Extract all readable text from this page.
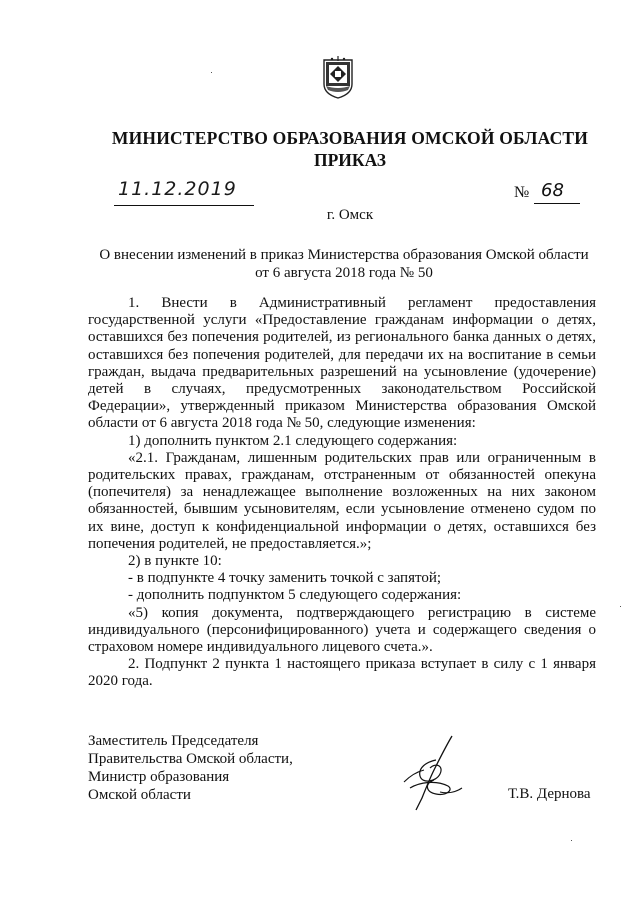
МИНИСТЕРСТВО ОБРАЗОВАНИЯ ОМСКОЙ ОБЛАСТИ
ПРИКАЗ
11.12.2019	№ 68
г. Омск
О внесении изменений в приказ Министерства образования Омской области
от 6 августа 2018 года № 50

1. Внести в Административный регламент предоставления государственной услуги «Предоставление гражданам информации о детях, оставшихся без попечения родителей, из регионального банка данных о детях, оставшихся без попечения родителей, для передачи их на воспитание в семьи граждан, выдача предварительных разрешений на усыновление (удочерение) детей в случаях, предусмотренных законодательством Российской Федерации», утвержденный приказом Министерства образования Омской области от 6 августа 2018 года № 50, следующие изменения:

1) дополнить пунктом 2.1 следующего содержания:

«2.1. Гражданам, лишенным родительских прав или ограниченным в родительских правах, гражданам, отстраненным от обязанностей опекуна (попечителя) за ненадлежащее выполнение возложенных на них законом обязанностей, бывшим усыновителям, если усыновление отменено судом по их вине, доступ к конфиденциальной информации о детях, оставшихся без попечения родителей, не предоставляется.»;

2) в пункте 10:

- в подпункте 4 точку заменить точкой с запятой;

- дополнить подпунктом 5 следующего содержания:

«5) копия документа, подтверждающего регистрацию в системе индивидуального (персонифицированного) учета и содержащего сведения о страховом номере индивидуального лицевого счета.».

2. Подпункт 2 пункта 1 настоящего приказа вступает в силу с 1 января 2020 года.

Заместитель Председателя
Правительства Омской области,
Министр образования
Омской области	Т.В. Дернова
